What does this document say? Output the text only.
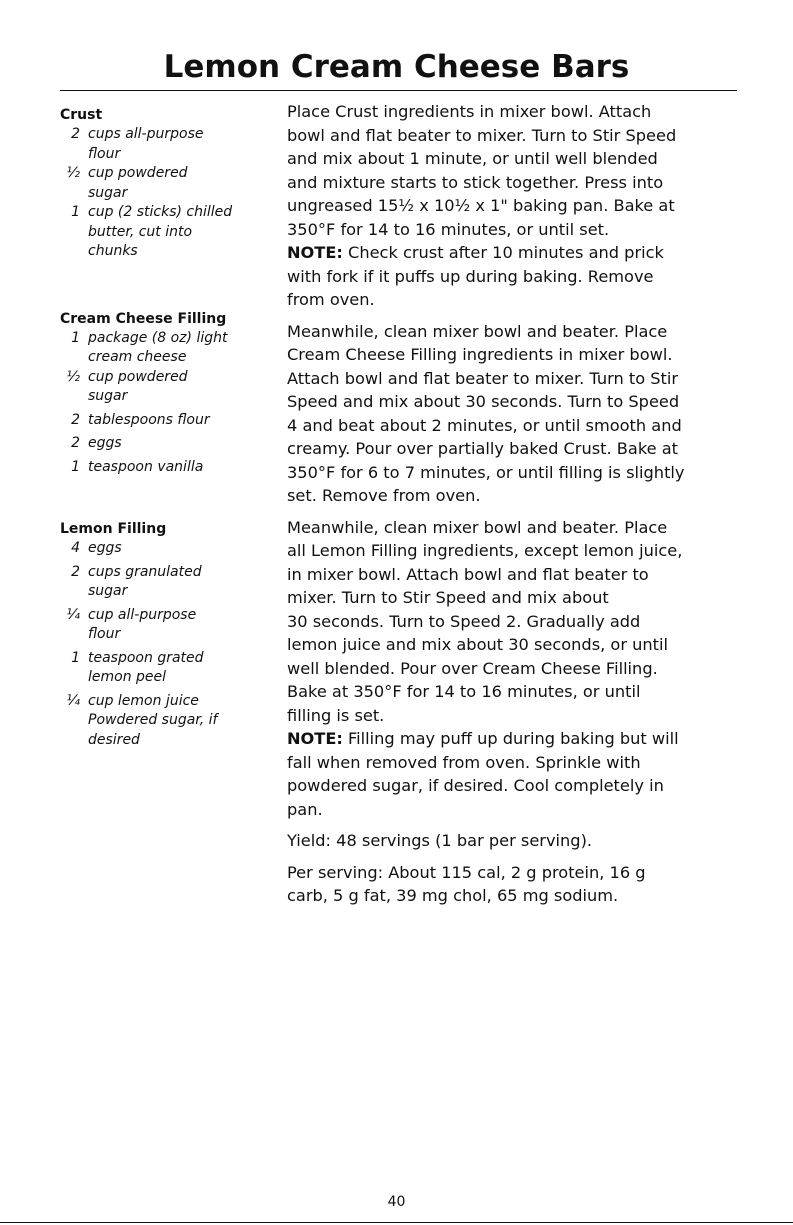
Lemon Cream Cheese Bars
Crust
2 cups all-purpose
flour
½ cup powdered
sugar
1 cup (2 sticks) chilled
butter, cut into
chunks
Cream Cheese Filling
1 package (8 oz) light
cream cheese
½ cup powdered
sugar
2 tablespoons flour
2 eggs
1 teaspoon vanilla
Lemon Filling
4 eggs
2 cups granulated
sugar
¼ cup all-purpose
flour
1 teaspoon grated
lemon peel
¼ cup lemon juice
Powdered sugar, if
desired

Place Crust ingredients in mixer bowl. Attach
bowl and flat beater to mixer. Turn to Stir Speed
and mix about 1 minute, or until well blended
and mixture starts to stick together. Press into
ungreased 15½ x 10½ x 1" baking pan. Bake at
350°F for 14 to 16 minutes, or until set.

NOTE: Check crust after 10 minutes and prick
with fork if it puffs up during baking. Remove
from oven.

Meanwhile, clean mixer bowl and beater. Place
Cream Cheese Filling ingredients in mixer bowl.
Attach bowl and flat beater to mixer. Turn to Stir
Speed and mix about 30 seconds. Turn to Speed
4 and beat about 2 minutes, or until smooth and
creamy. Pour over partially baked Crust. Bake at
350°F for 6 to 7 minutes, or until filling is slightly
set. Remove from oven.

Meanwhile, clean mixer bowl and beater. Place
all Lemon Filling ingredients, except lemon juice,
in mixer bowl. Attach bowl and flat beater to
mixer. Turn to Stir Speed and mix about
30 seconds. Turn to Speed 2. Gradually add
lemon juice and mix about 30 seconds, or until
well blended. Pour over Cream Cheese Filling.
Bake at 350°F for 14 to 16 minutes, or until
filling is set.

NOTE: Filling may puff up during baking but will
fall when removed from oven. Sprinkle with
powdered sugar, if desired. Cool completely in
pan.

Yield: 48 servings (1 bar per serving).

Per serving: About 115 cal, 2 g protein, 16 g
carb, 5 g fat, 39 mg chol, 65 mg sodium.

40
